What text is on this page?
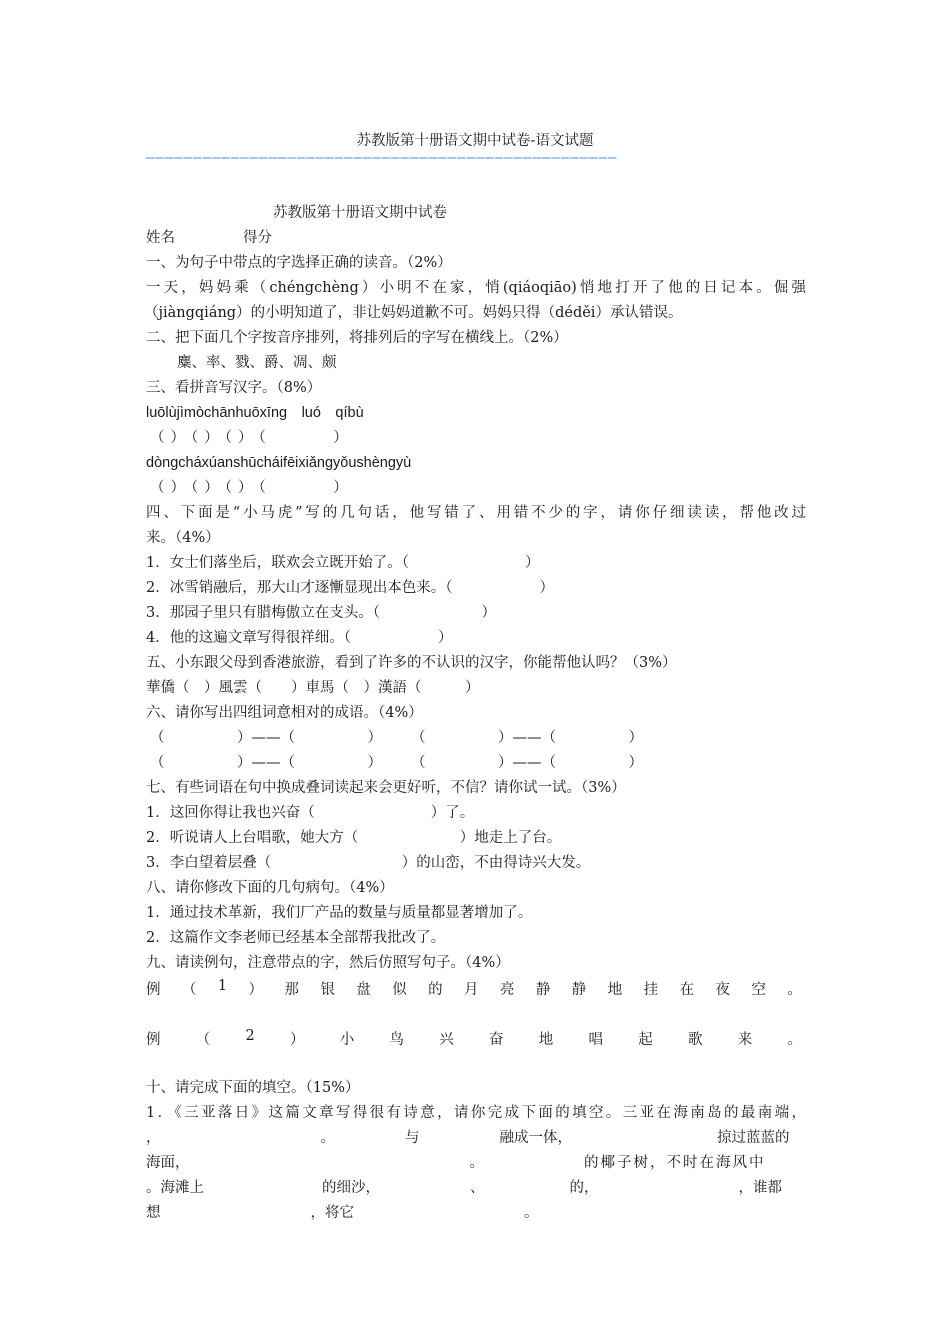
苏教版第十册语文期中试卷-语文试题
——————————————————————————————————————————————————
苏教版第十册语文期中试卷
姓名	得分
一、为句子中带点的字选择正确的读音。（2%）
一天，妈妈乘（chéngchèng）小明不在家，悄(qiáoqiāo)悄地打开了他的日记本。倔强
（jiàngqiáng）的小明知道了，非让妈妈道歉不可。妈妈只得（déděi）承认错误。
二、把下面几个字按音序排列，将排列后的字写在横线上。（2%）
麋、率、戮、爵、凋、颇
三、看拼音写汉字。（8%）
luōlùjìmòchānhuōxīng　luó　qíbù
（）（）（）（　　　）
dòngcháxúanshūcháifēixiǎngyǒushèngyù
（）（）（）（　　　）
四、下面是“小马虎”写的几句话，他写错了、用错不少的字，请你仔细读读，帮他改过
来。（4%）
1．女士们落坐后，联欢会立既开始了。（　　　　　　　　）
2．冰雪销融后，那大山才逐慚显现出本色来。（　　　　　　）
3．那园子里只有腊梅傲立在支头。（　　　　　　　）
4．他的这遍文章写得很祥细。（　　　　　　）
五、小东跟父母到香港旅游，看到了许多的不认识的汉字，你能帮他认吗？（3%）
華僑（　）風雲（　　）車馬（　）漢語（　　　）
六、请你写出四组词意相对的成语。（4%）
（　　　　　）——（　　　　　）　　　（　　　　　）——（　　　　　）
（　　　　　）——（　　　　　）　　　（　　　　　）——（　　　　　）
七、有些词语在句中换成叠词读起来会更好听，不信？请你试一试。（3%）
1．这回你得让我也兴奋（　　　　　　　　）了。
2．听说请人上台唱歌，她大方（　　　　　　　）地走上了台。
3．李白望着层叠（　　　　　　　　　）的山峦，不由得诗兴大发。
八、请你修改下面的几句病句。（4%）
1．通过技术革新，我们厂产品的数量与质量都显著增加了。
2．这篇作文李老师已经基本全部帮我批改了。
九、请读例句，注意带点的字，然后仿照写句子。（4%）
例 （ 1 ） 那 银 盘 似 的 月 亮 静 静 地 挂 在 夜 空 。
例 （ 2 ） 小 鸟 兴 奋 地 唱 起 歌 来 。
十、请完成下面的填空。（15%）
1．《三亚落日》这篇文章写得很有诗意，请你完成下面的填空。三亚在海南岛的最南端，
，	。	与	融成一体，	掠过蓝蓝的
海面，	。	的椰子树，不时在海风中
。海滩上	的细沙，	、	的，	，谁都
想	，将它	。
